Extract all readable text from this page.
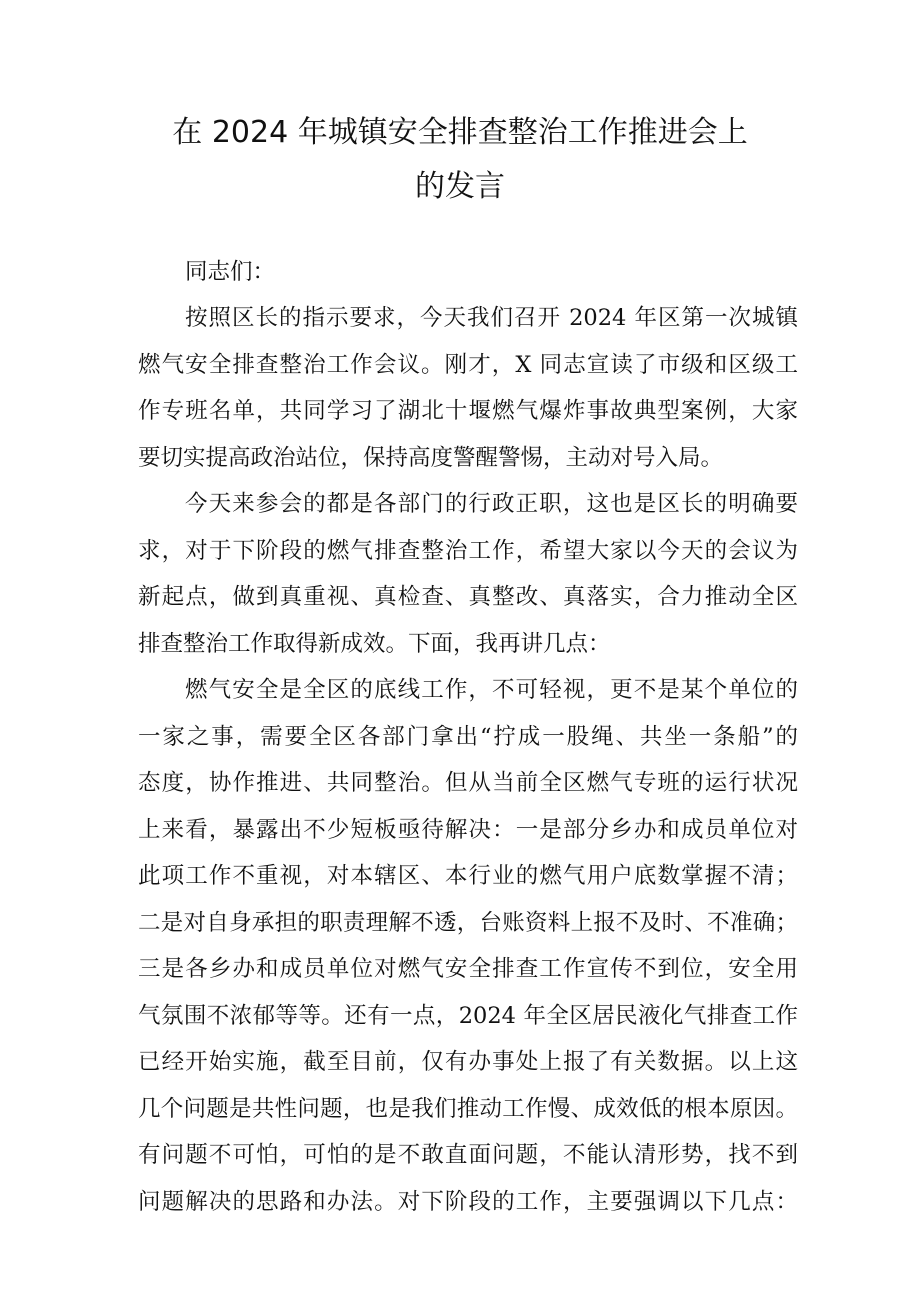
在 2024 年城镇安全排查整治工作推进会上
的发言
同志们：
按照区长的指示要求，今天我们召开 2024 年区第一次城镇
燃气安全排查整治工作会议。刚才，X 同志宣读了市级和区级工
作专班名单，共同学习了湖北十堰燃气爆炸事故典型案例，大家
要切实提高政治站位，保持高度警醒警惕，主动对号入局。
今天来参会的都是各部门的行政正职，这也是区长的明确要
求，对于下阶段的燃气排查整治工作，希望大家以今天的会议为
新起点，做到真重视、真检查、真整改、真落实，合力推动全区
排查整治工作取得新成效。下面，我再讲几点：
燃气安全是全区的底线工作，不可轻视，更不是某个单位的
一家之事，需要全区各部门拿出“拧成一股绳、共坐一条船”的
态度，协作推进、共同整治。但从当前全区燃气专班的运行状况
上来看，暴露出不少短板亟待解决：一是部分乡办和成员单位对
此项工作不重视，对本辖区、本行业的燃气用户底数掌握不清；
二是对自身承担的职责理解不透，台账资料上报不及时、不准确；
三是各乡办和成员单位对燃气安全排查工作宣传不到位，安全用
气氛围不浓郁等等。还有一点，2024 年全区居民液化气排查工作
已经开始实施，截至目前，仅有办事处上报了有关数据。以上这
几个问题是共性问题，也是我们推动工作慢、成效低的根本原因。
有问题不可怕，可怕的是不敢直面问题，不能认清形势，找不到
问题解决的思路和办法。对下阶段的工作，主要强调以下几点：
